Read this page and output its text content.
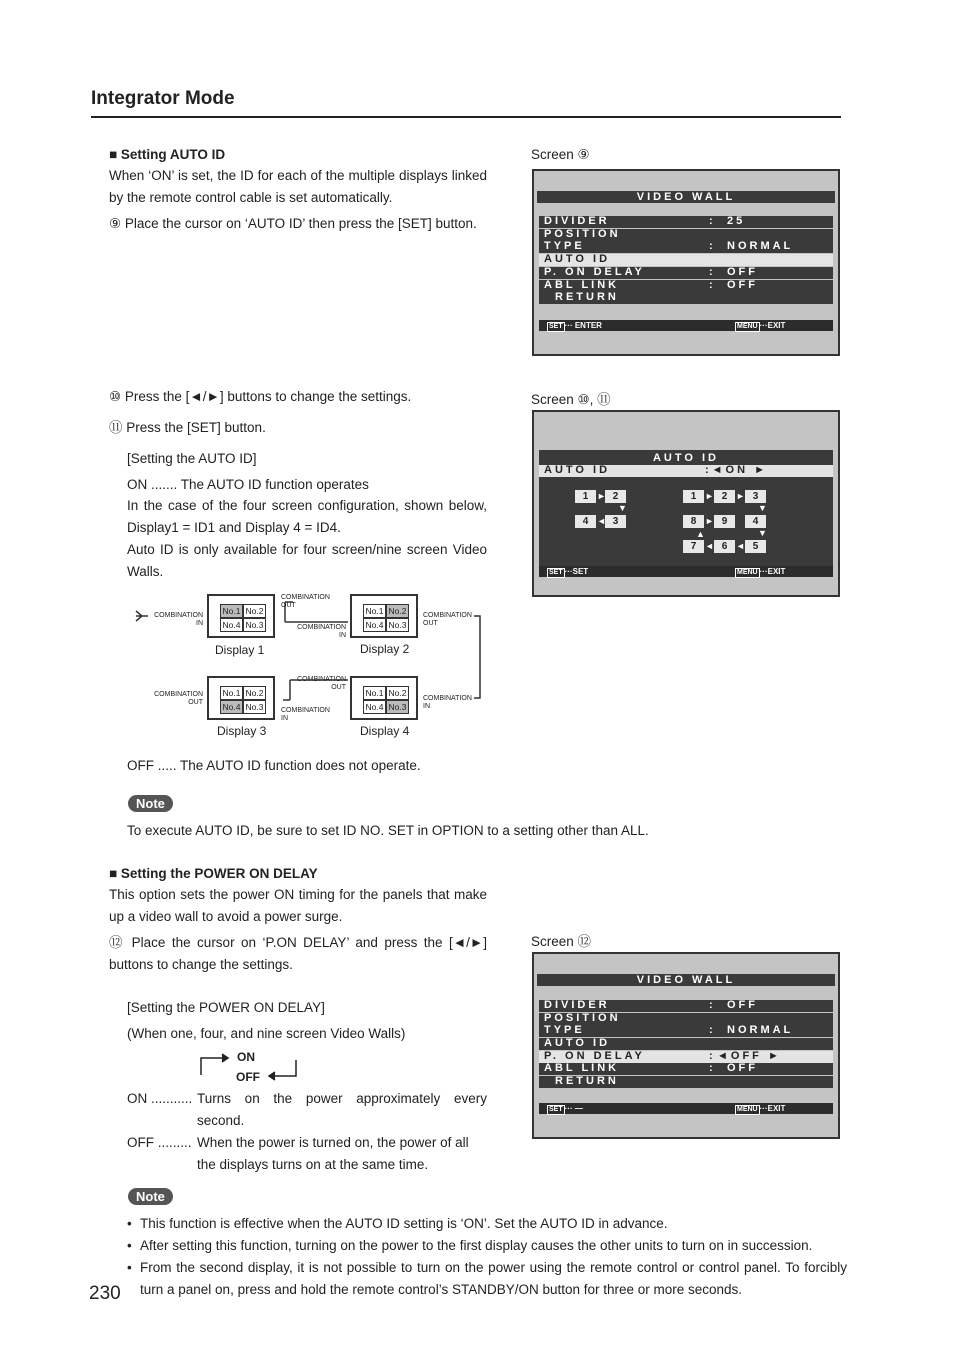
Integrator Mode
■ Setting AUTO ID
When ‘ON’ is set, the ID for each of the multiple displays linked by the remote control cable is set automatically.
⑨ Place the cursor on ‘AUTO ID’ then press the [SET] button.
Screen ⑨
VIDEO WALL
DIVIDER	: 25
POSITION
TYPE	: NORMAL
AUTO ID
P. ON DELAY	: OFF
ABL LINK	: OFF
RETURN
SET ··· ENTER	MENU ···EXIT
⑩ Press the [◄/►] buttons to change the settings.
⑪ Press the [SET] button.
[Setting the AUTO ID]
ON ....... The AUTO ID function operates
In the case of the four screen configuration, shown below, Display1 = ID1 and Display 4 = ID4.
Auto ID is only available for four screen/nine screen Video Walls.
Screen ⑩, ⑪
AUTO ID
AUTO ID	:◄ON ►
1	2
4	3
►
▼
◄
1	2	3
8	9	4
7	6	5
► ►
▼
►
▼
▲
◄ ◄
SET ···SET	MENU ···EXIT
No.1 No.2
No.4 No.3
Display 1
No.1 No.2
No.4 No.3
Display 2
No.1 No.2
No.4 No.3
Display 3
No.1 No.2
No.4 No.3
Display 4
COMBINATION
IN
COMBINATION
OUT
COMBINATION
IN
COMBINATION
OUT
COMBINATION
OUT
COMBINATION
OUT
COMBINATION
IN
COMBINATION
IN
OFF ..... The AUTO ID function does not operate.
Note
To execute AUTO ID, be sure to set ID NO. SET in OPTION to a setting other than ALL.
■ Setting the POWER ON DELAY
This option sets the power ON timing for the panels that make up a video wall to avoid a power surge.
⑫ Place the cursor on ‘P.ON DELAY’ and press the [◄/►] buttons to change the settings.
[Setting the POWER ON DELAY]
(When one, four, and nine screen Video Walls)
ON
OFF
ON ........... Turns on the power approximately every second.
OFF ......... When the power is turned on, the power of all the displays turns on at the same time.
Screen ⑫
VIDEO WALL
DIVIDER	: OFF
POSITION
TYPE	: NORMAL
AUTO ID
P. ON DELAY	: ◄OFF ►
ABL LINK	: OFF
RETURN
SET ··· —	MENU ···EXIT
Note
• This function is effective when the AUTO ID setting is ‘ON’. Set the AUTO ID in advance.
• After setting this function, turning on the power to the first display causes the other units to turn on in succession.
• From the second display, it is not possible to turn on the power using the remote control or control panel. To forcibly turn a panel on, press and hold the remote control’s STANDBY/ON button for three or more seconds.
230
